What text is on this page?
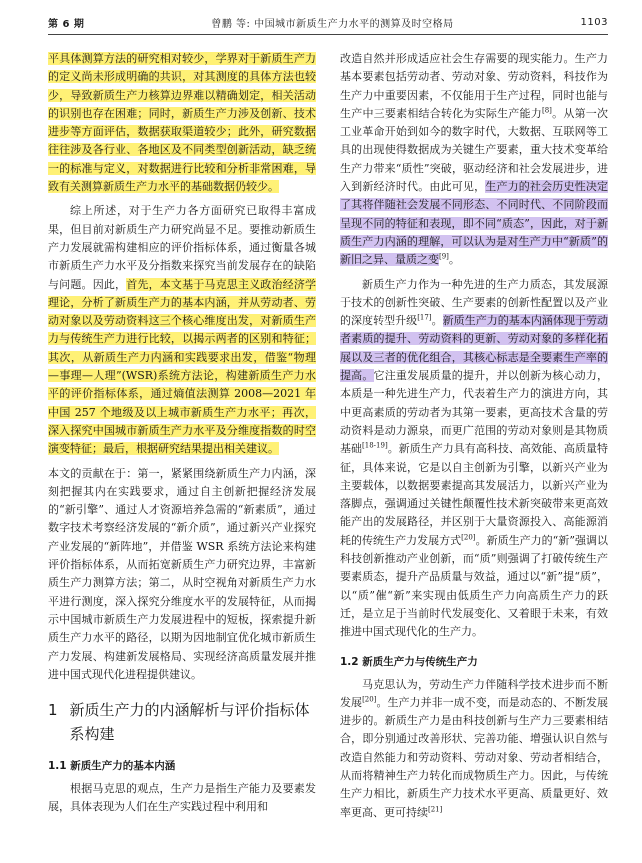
第 6 期	曾鹏 等: 中国城市新质生产力水平的测算及时空格局	1103

平具体测算方法的研究相对较少，学界对于新质生产力的定义尚未形成明确的共识，对其测度的具体方法也较少，导致新质生产力核算边界难以精确划定，相关活动的识别也存在困难；同时，新质生产力涉及创新、技术进步等方面评估，数据获取渠道较少；此外，研究数据往往涉及各行业、各地区及不同类型创新活动，缺乏统一的标准与定义，对数据进行比较和分析非常困难，导致有关测算新质生产力水平的基础数据仍较少。

综上所述，对于生产力各方面研究已取得丰富成果，但目前对新质生产力研究尚显不足。要推动新质生产力发展就需构建相应的评价指标体系，通过衡量各城市新质生产力水平及分指数来探究当前发展存在的缺陷与问题。因此，首先，本文基于马克思主义政治经济学理论，分析了新质生产力的基本内涵，并从劳动者、劳动对象以及劳动资料这三个核心维度出发，对新质生产力与传统生产力进行比较，以揭示两者的区别和特征；其次，从新质生产力内涵和实践要求出发，借鉴“物理—事理—人理”(WSR)系统方法论，构建新质生产力水平的评价指标体系，通过熵值法测算 2008—2021 年中国 257 个地级及以上城市新质生产力水平；再次，深入探究中国城市新质生产力水平及分维度指数的时空演变特征；最后，根据研究结果提出相关建议。

本文的贡献在于：第一，紧紧围绕新质生产力内涵，深刻把握其内在实践要求，通过自主创新把握经济发展的“新引擎”、通过人才资源培养急需的“新素质”，通过数字技术考察经济发展的“新介质”，通过新兴产业探究产业发展的“新阵地”，并借鉴 WSR 系统方法论来构建评价指标体系，从而拓宽新质生产力研究边界，丰富新质生产力测算方法；第二，从时空视角对新质生产力水平进行测度，深入探究分维度水平的发展特征，从而揭示中国城市新质生产力发展进程中的短板，探索提升新质生产力水平的路径，以期为因地制宜优化城市新质生产力发展、构建新发展格局、实现经济高质量发展并推进中国式现代化进程提供建议。

1 新质生产力的内涵解析与评价指标体系构建
1.1 新质生产力的基本内涵

根据马克思的观点，生产力是指生产能力及要素发展，具体表现为人们在生产实践过程中利用和

改造自然并形成适应社会生存需要的现实能力。生产力基本要素包括劳动者、劳动对象、劳动资料，科技作为生产力中重要因素，不仅能用于生产过程，同时也能与生产中三要素相结合转化为实际生产能力[8]。从第一次工业革命开始到如今的数字时代，大数据、互联网等工具的出现使得数据成为关键生产要素，重大技术变革给生产力带来“质性”突破，驱动经济和社会发展进步，进入到新经济时代。由此可见，生产力的社会历史性决定了其将伴随社会发展不同形态、不同时代、不同阶段而呈现不同的特征和表现，即不同“质态”，因此，对于新质生产力内涵的理解，可以认为是对生产力中“新质”的新旧之异、量质之变[9]。

新质生产力作为一种先进的生产力质态，其发展源于技术的创新性突破、生产要素的创新性配置以及产业的深度转型升级[17]。新质生产力的基本内涵体现于劳动者素质的提升、劳动资料的更新、劳动对象的多样化拓展以及三者的优化组合，其核心标志是全要素生产率的提高。它注重发展质量的提升，并以创新为核心动力，本质是一种先进生产力，代表着生产力的演进方向，其中更高素质的劳动者为其第一要素，更高技术含量的劳动资料是动力源泉，而更广范围的劳动对象则是其物质基础[18-19]。新质生产力具有高科技、高效能、高质量特征，具体来说，它是以自主创新为引擎，以新兴产业为主要载体，以数据要素提高其发展活力，以新兴产业为落脚点，强调通过关键性颠覆性技术新突破带来更高效能产出的发展路径，并区别于大量资源投入、高能源消耗的传统生产力发展方式[20]。新质生产力的“新”强调以科技创新推动产业创新，而“质”则强调了打破传统生产要素质态，提升产品质量与效益，通过以“新”提“质”，以“质”催“新”来实现由低质生产力向高质生产力的跃迁，是立足于当前时代发展变化、又着眼于未来，有效推进中国式现代化的生产力。

1.2 新质生产力与传统生产力

马克思认为，劳动生产力伴随科学技术进步而不断发展[20]。生产力并非一成不变，而是动态的、不断发展进步的。新质生产力是由科技创新与生产力三要素相结合，即分别通过改善形状、完善功能、增强认识自然与改造自然能力和劳动资料、劳动对象、劳动者相结合，从而将精神生产力转化而成物质生产力。因此，与传统生产力相比，新质生产力技术水平更高、质量更好、效率更高、更可持续[21]
